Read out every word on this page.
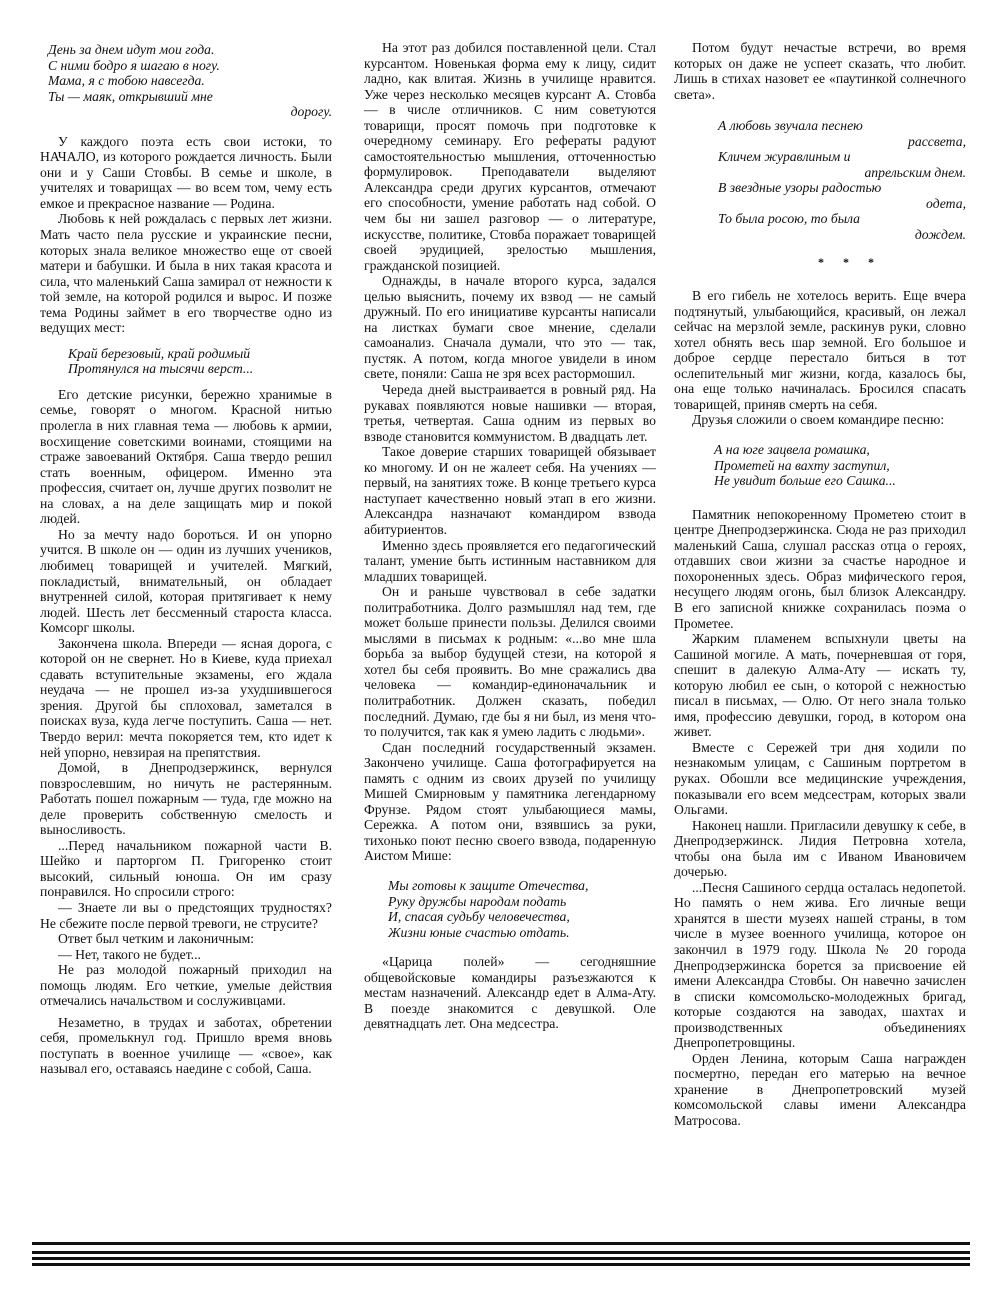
День за днем идут мои года.
С ними бодро я шагаю в ногу.
Мама, я с тобою навсегда.
Ты — маяк, открывший мне
дорогу.

У каждого поэта есть свои истоки, то НАЧАЛО, из которого рождается личность. Были они и у Саши Стовбы. В семье и школе, в учителях и товарищах — во всем том, чему есть емкое и прекрасное название — Родина.

Любовь к ней рождалась с первых лет жизни. Мать часто пела русские и украинские песни, которых знала великое множество еще от своей матери и бабушки. И была в них такая красота и сила, что маленький Саша замирал от нежности к той земле, на которой родился и вырос. И позже тема Родины займет в его творчестве одно из ведущих мест:

Край березовый, край родимый
Протянулся на тысячи верст...

Его детские рисунки, бережно хранимые в семье, говорят о многом. Красной нитью пролегла в них главная тема — любовь к армии, восхищение советскими воинами, стоящими на страже завоеваний Октября. Саша твердо решил стать военным, офицером. Именно эта профессия, считает он, лучше других позволит не на словах, а на деле защищать мир и покой людей.

Но за мечту надо бороться. И он упорно учится. В школе он — один из лучших учеников, любимец товарищей и учителей. Мягкий, покладистый, внимательный, он обладает внутренней силой, которая притягивает к нему людей. Шесть лет бессменный староста класса. Комсорг школы.

Закончена школа. Впереди — ясная дорога, с которой он не свернет. Но в Киеве, куда приехал сдавать вступительные экзамены, его ждала неудача — не прошел из-за ухудшившегося зрения. Другой бы сплоховал, заметался в поисках вуза, куда легче поступить. Саша — нет. Твердо верил: мечта покоряется тем, кто идет к ней упорно, невзирая на препятствия.

Домой, в Днепродзержинск, вернулся повзрослевшим, но ничуть не растерянным. Работать пошел пожарным — туда, где можно на деле проверить собственную смелость и выносливость.

...Перед начальником пожарной части В. Шейко и парторгом П. Григоренко стоит высокий, сильный юноша. Он им сразу понравился. Но спросили строго:

— Знаете ли вы о предстоящих трудностях? Не сбежите после первой тревоги, не струсите?

Ответ был четким и лаконичным:

— Нет, такого не будет...

Не раз молодой пожарный приходил на помощь людям. Его четкие, умелые действия отмечались начальством и сослуживцами.

Незаметно, в трудах и заботах, обретении себя, промелькнул год. Пришло время вновь поступать в военное училище — «свое», как называл его, оставаясь наедине с собой, Саша.

На этот раз добился поставленной цели. Стал курсантом. Новенькая форма ему к лицу, сидит ладно, как влитая. Жизнь в училище нравится. Уже через несколько месяцев курсант А. Стовба — в числе отличников. С ним советуются товарищи, просят помочь при подготовке к очередному семинару. Его рефераты радуют самостоятельностью мышления, отточенностью формулировок. Преподаватели выделяют Александра среди других курсантов, отмечают его способности, умение работать над собой. О чем бы ни зашел разговор — о литературе, искусстве, политике, Стовба поражает товарищей своей эрудицией, зрелостью мышления, гражданской позицией.

Однажды, в начале второго курса, задался целью выяснить, почему их взвод — не самый дружный. По его инициативе курсанты написали на листках бумаги свое мнение, сделали самоанализ. Сначала думали, что это — так, пустяк. А потом, когда многое увидели в ином свете, поняли: Саша не зря всех растормошил.

Череда дней выстраивается в ровный ряд. На рукавах появляются новые нашивки — вторая, третья, четвертая. Саша одним из первых во взводе становится коммунистом. В двадцать лет.

Такое доверие старших товарищей обязывает ко многому. И он не жалеет себя. На учениях — первый, на занятиях тоже. В конце третьего курса наступает качественно новый этап в его жизни. Александра назначают командиром взвода абитуриентов.

Именно здесь проявляется его педагогический талант, умение быть истинным наставником для младших товарищей.

Он и раньше чувствовал в себе задатки политработника. Долго размышлял над тем, где может больше принести пользы. Делился своими мыслями в письмах к родным: «...во мне шла борьба за выбор будущей стези, на которой я хотел бы себя проявить. Во мне сражались два человека — командир-единоначальник и политработник. Должен сказать, победил последний. Думаю, где бы я ни был, из меня что-то получится, так как я умею ладить с людьми».

Сдан последний государственный экзамен. Закончено училище. Саша фотографируется на память с одним из своих друзей по училищу Мишей Смирновым у памятника легендарному Фрунзе. Рядом стоят улыбающиеся мамы, Сережка. А потом они, взявшись за руки, тихонько поют песню своего взвода, подаренную Аистом Мише:

Мы готовы к защите Отечества,
Руку дружбы народам подать
И, спасая судьбу человечества,
Жизни юные счастью отдать.

«Царица полей» — сегодняшние общевойсковые командиры разъезжаются к местам назначений. Александр едет в Алма-Ату. В поезде знакомится с девушкой. Оле девятнадцать лет. Она медсестра.

Потом будут нечастые встречи, во время которых он даже не успеет сказать, что любит. Лишь в стихах назовет ее «паутинкой солнечного света».

А любовь звучала песнею
рассвета,
Кличем журавлиным и
апрельским днем.
В звездные узоры радостью
одета,
То была росою, то была
дождем.
* * *

В его гибель не хотелось верить. Еще вчера подтянутый, улыбающийся, красивый, он лежал сейчас на мерзлой земле, раскинув руки, словно хотел обнять весь шар земной. Его большое и доброе сердце перестало биться в тот ослепительный миг жизни, когда, казалось бы, она еще только начиналась. Бросился спасать товарищей, приняв смерть на себя.

Друзья сложили о своем командире песню:

А на юге зацвела ромашка,
Прометей на вахту заступил,
Не увидит больше его Сашка...

Памятник непокоренному Прометею стоит в центре Днепродзержинска. Сюда не раз приходил маленький Саша, слушал рассказ отца о героях, отдавших свои жизни за счастье народное и похороненных здесь. Образ мифического героя, несущего людям огонь, был близок Александру. В его записной книжке сохранилась поэма о Прометее.

Жарким пламенем вспыхнули цветы на Сашиной могиле. А мать, почерневшая от горя, спешит в далекую Алма-Ату — искать ту, которую любил ее сын, о которой с нежностью писал в письмах, — Олю. От него знала только имя, профессию девушки, город, в котором она живет.

Вместе с Сережей три дня ходили по незнакомым улицам, с Сашиным портретом в руках. Обошли все медицинские учреждения, показывали его всем медсестрам, которых звали Ольгами.

Наконец нашли. Пригласили девушку к себе, в Днепродзержинск. Лидия Петровна хотела, чтобы она была им с Иваном Ивановичем дочерью.

...Песня Сашиного сердца осталась недопетой. Но память о нем жива. Его личные вещи хранятся в шести музеях нашей страны, в том числе в музее военного училища, которое он закончил в 1979 году. Школа № 20 города Днепродзержинска борется за присвоение ей имени Александра Стовбы. Он навечно зачислен в списки комсомольско-молодежных бригад, которые создаются на заводах, шахтах и производственных объединениях Днепропетровщины.

Орден Ленина, которым Саша награжден посмертно, передан его матерью на вечное хранение в Днепропетровский музей комсомольской славы имени Александра Матросова.
